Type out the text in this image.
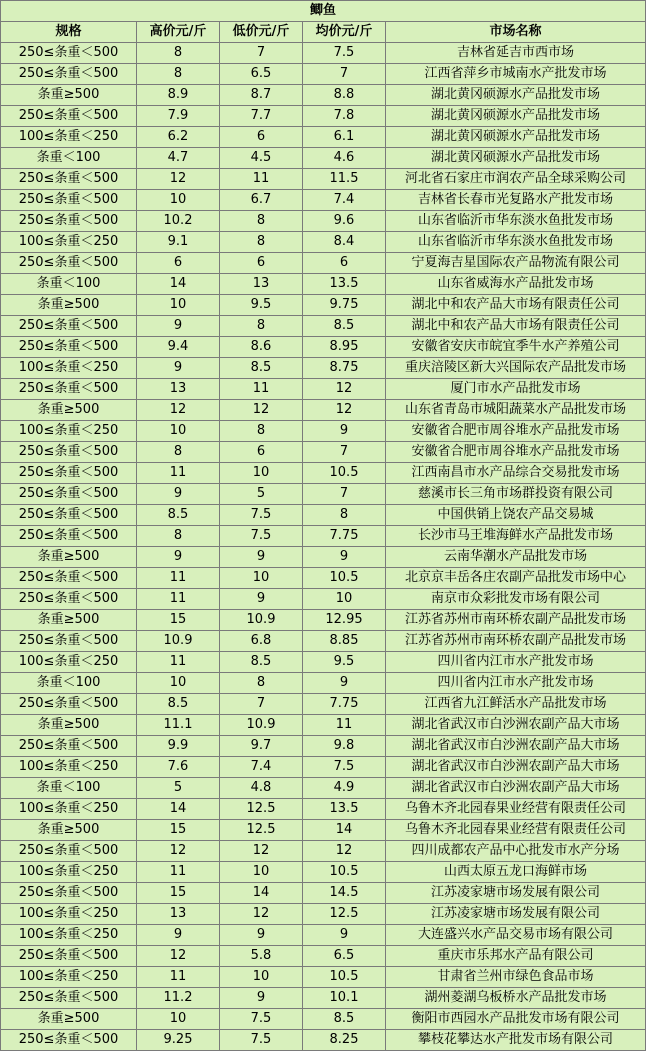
鲫鱼				
规格	高价元/斤	低价元/斤	均价元/斤	市场名称
250≤条重＜500	8	7	7.5	吉林省延吉市西市场
250≤条重＜500	8	6.5	7	江西省萍乡市城南水产批发市场
条重≥500	8.9	8.7	8.8	湖北黄冈硕源水产品批发市场
250≤条重＜500	7.9	7.7	7.8	湖北黄冈硕源水产品批发市场
100≤条重＜250	6.2	6	6.1	湖北黄冈硕源水产品批发市场
条重＜100	4.7	4.5	4.6	湖北黄冈硕源水产品批发市场
250≤条重＜500	12	11	11.5	河北省石家庄市润农产品全球采购公司
250≤条重＜500	10	6.7	7.4	吉林省长春市光复路水产批发市场
250≤条重＜500	10.2	8	9.6	山东省临沂市华东淡水鱼批发市场
100≤条重＜250	9.1	8	8.4	山东省临沂市华东淡水鱼批发市场
250≤条重＜500	6	6	6	宁夏海吉星国际农产品物流有限公司
条重＜100	14	13	13.5	山东省威海水产品批发市场
条重≥500	10	9.5	9.75	湖北中和农产品大市场有限责任公司
250≤条重＜500	9	8	8.5	湖北中和农产品大市场有限责任公司
250≤条重＜500	9.4	8.6	8.95	安徽省安庆市皖宜季牛水产养殖公司
100≤条重＜250	9	8.5	8.75	重庆涪陵区新大兴国际农产品批发市场
250≤条重＜500	13	11	12	厦门市水产品批发市场
条重≥500	12	12	12	山东省青岛市城阳蔬菜水产品批发市场
100≤条重＜250	10	8	9	安徽省合肥市周谷堆水产品批发市场
250≤条重＜500	8	6	7	安徽省合肥市周谷堆水产品批发市场
250≤条重＜500	11	10	10.5	江西南昌市水产品综合交易批发市场
250≤条重＜500	9	5	7	慈溪市长三角市场群投资有限公司
250≤条重＜500	8.5	7.5	8	中国供销上饶农产品交易城
250≤条重＜500	8	7.5	7.75	长沙市马王堆海鲜水产品批发市场
条重≥500	9	9	9	云南华潮水产品批发市场
250≤条重＜500	11	10	10.5	北京京丰岳各庄农副产品批发市场中心
250≤条重＜500	11	9	10	南京市众彩批发市场有限公司
条重≥500	15	10.9	12.95	江苏省苏州市南环桥农副产品批发市场
250≤条重＜500	10.9	6.8	8.85	江苏省苏州市南环桥农副产品批发市场
100≤条重＜250	11	8.5	9.5	四川省内江市水产批发市场
条重＜100	10	8	9	四川省内江市水产批发市场
250≤条重＜500	8.5	7	7.75	江西省九江鲜活水产品批发市场
条重≥500	11.1	10.9	11	湖北省武汉市白沙洲农副产品大市场
250≤条重＜500	9.9	9.7	9.8	湖北省武汉市白沙洲农副产品大市场
100≤条重＜250	7.6	7.4	7.5	湖北省武汉市白沙洲农副产品大市场
条重＜100	5	4.8	4.9	湖北省武汉市白沙洲农副产品大市场
100≤条重＜250	14	12.5	13.5	乌鲁木齐北园春果业经营有限责任公司
条重≥500	15	12.5	14	乌鲁木齐北园春果业经营有限责任公司
250≤条重＜500	12	12	12	四川成都农产品中心批发市水产分场
100≤条重＜250	11	10	10.5	山西太原五龙口海鲜市场
250≤条重＜500	15	14	14.5	江苏凌家塘市场发展有限公司
100≤条重＜250	13	12	12.5	江苏凌家塘市场发展有限公司
100≤条重＜250	9	9	9	大连盛兴水产品交易市场有限公司
250≤条重＜500	12	5.8	6.5	重庆市乐邦水产品有限公司
100≤条重＜250	11	10	10.5	甘肃省兰州市绿色食品市场
250≤条重＜500	11.2	9	10.1	湖州菱湖乌板桥水产品批发市场
条重≥500	10	7.5	8.5	衡阳市西园水产品批发市场有限公司
250≤条重＜500	9.25	7.5	8.25	攀枝花攀达水产批发市场有限公司
